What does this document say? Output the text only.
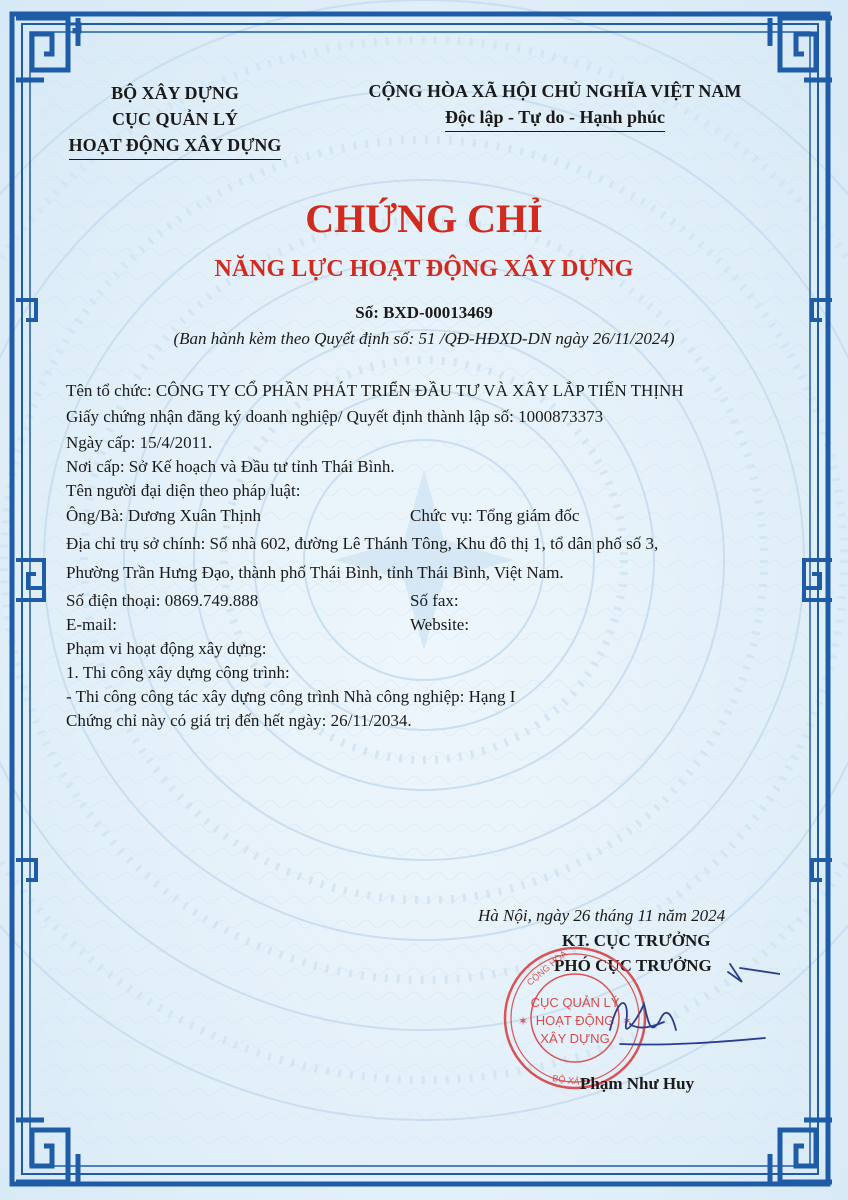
BỘ XÂY DỰNG
CỤC QUẢN LÝ
HOẠT ĐỘNG XÂY DỰNG
CỘNG HÒA XÃ HỘI CHỦ NGHĨA VIỆT NAM
Độc lập - Tự do - Hạnh phúc
CHỨNG CHỈ
NĂNG LỰC HOẠT ĐỘNG XÂY DỰNG
Số: BXD-00013469
(Ban hành kèm theo Quyết định số: 51 /QĐ-HĐXD-DN ngày 26/11/2024)
Tên tổ chức: CÔNG TY CỔ PHẦN PHÁT TRIỂN ĐẦU TƯ VÀ XÂY LẮP TIẾN THỊNH
Giấy chứng nhận đăng ký doanh nghiệp/ Quyết định thành lập số: 1000873373
Ngày cấp: 15/4/2011.
Nơi cấp: Sở Kế hoạch và Đầu tư tỉnh Thái Bình.
Tên người đại diện theo pháp luật:
Ông/Bà: Dương Xuân Thịnh	Chức vụ: Tổng giám đốc
Địa chỉ trụ sở chính: Số nhà 602, đường Lê Thánh Tông, Khu đô thị 1, tổ dân phố số 3,
Phường Trần Hưng Đạo, thành phố Thái Bình, tỉnh Thái Bình, Việt Nam.
Số điện thoại: 0869.749.888	Số fax:
E-mail:	Website:
Phạm vi hoạt động xây dựng:
1. Thi công xây dựng công trình:
- Thi công công tác xây dựng công trình Nhà công nghiệp: Hạng I
Chứng chỉ này có giá trị đến hết ngày: 26/11/2034.
Hà Nội, ngày 26 tháng 11 năm 2024
KT. CỤC TRƯỞNG
PHÓ CỤC TRƯỞNG
CỘNG HÒA
✶	✶
BỘ XÂY
CỤC QUẢN LÝ
HOẠT ĐỘNG
XÂY DỰNG
Phạm Như Huy
